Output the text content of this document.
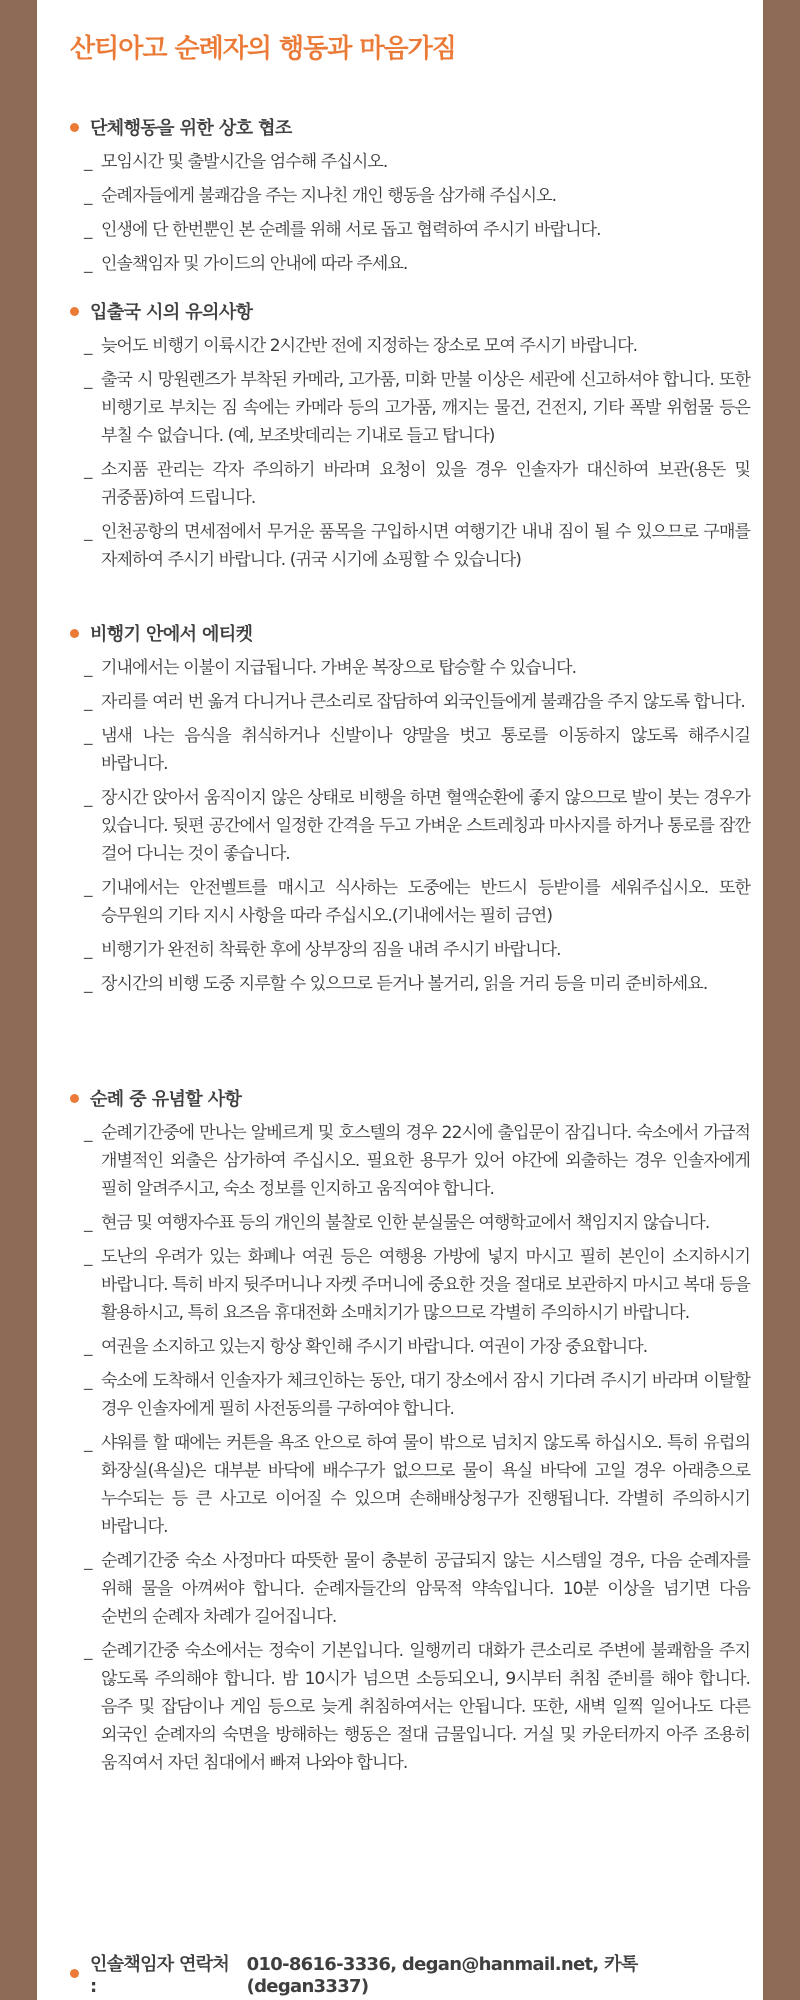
산티아고 순례자의 행동과 마음가짐
단체행동을 위한 상호 협조
_ 모임시간 및 출발시간을 엄수해 주십시오.
_ 순례자들에게 불쾌감을 주는 지나친 개인 행동을 삼가해 주십시오.
_ 인생에 단 한번뿐인 본 순례를 위해 서로 돕고 협력하여 주시기 바랍니다.
_ 인솔책임자 및 가이드의 안내에 따라 주세요.
입출국 시의 유의사항
_ 늦어도 비행기 이륙시간 2시간반 전에 지정하는 장소로 모여 주시기 바랍니다.
_ 출국 시 망원렌즈가 부착된 카메라, 고가품, 미화 만불 이상은 세관에 신고하셔야 합니다. 또한 비행기로 부치는 짐 속에는 카메라 등의 고가품, 깨지는 물건, 건전지, 기타 폭발 위험물 등은 부칠 수 없습니다. (예, 보조밧데리는 기내로 들고 탑니다)
_ 소지품 관리는 각자 주의하기 바라며 요청이 있을 경우 인솔자가 대신하여 보관(용돈 및 귀중품)하여 드립니다.
_ 인천공항의 면세점에서 무거운 품목을 구입하시면 여행기간 내내 짐이 될 수 있으므로 구매를 자제하여 주시기 바랍니다. (귀국 시기에 쇼핑할 수 있습니다)
비행기 안에서 에티켓
_ 기내에서는 이불이 지급됩니다. 가벼운 복장으로 탑승할 수 있습니다.
_ 자리를 여러 번 옮겨 다니거나 큰소리로 잡담하여 외국인들에게 불쾌감을 주지 않도록 합니다.
_ 냄새 나는 음식을 취식하거나 신발이나 양말을 벗고 통로를 이동하지 않도록 해주시길 바랍니다.
_ 장시간 앉아서 움직이지 않은 상태로 비행을 하면 혈액순환에 좋지 않으므로 발이 붓는 경우가 있습니다. 뒷편 공간에서 일정한 간격을 두고 가벼운 스트레칭과 마사지를 하거나 통로를 잠깐 걸어 다니는 것이 좋습니다.
_ 기내에서는 안전벨트를 매시고 식사하는 도중에는 반드시 등받이를 세워주십시오. 또한 승무원의 기타 지시 사항을 따라 주십시오.(기내에서는 필히 금연)
_ 비행기가 완전히 착륙한 후에 상부장의 짐을 내려 주시기 바랍니다.
_ 장시간의 비행 도중 지루할 수 있으므로 듣거나 볼거리, 읽을 거리 등을 미리 준비하세요.
순례 중 유념할 사항
_ 순례기간중에 만나는 알베르게 및 호스텔의 경우 22시에 출입문이 잠깁니다. 숙소에서 가급적 개별적인 외출은 삼가하여 주십시오. 필요한 용무가 있어 야간에 외출하는 경우 인솔자에게 필히 알려주시고, 숙소 정보를 인지하고 움직여야 합니다.
_ 현금 및 여행자수표 등의 개인의 불찰로 인한 분실물은 여행학교에서 책임지지 않습니다.
_ 도난의 우려가 있는 화폐나 여권 등은 여행용 가방에 넣지 마시고 필히 본인이 소지하시기 바랍니다. 특히 바지 뒷주머니나 자켓 주머니에 중요한 것을 절대로 보관하지 마시고 복대 등을 활용하시고, 특히 요즈음 휴대전화 소매치기가 많으므로 각별히 주의하시기 바랍니다.
_ 여권을 소지하고 있는지 항상 확인해 주시기 바랍니다. 여권이 가장 중요합니다.
_ 숙소에 도착해서 인솔자가 체크인하는 동안, 대기 장소에서 잠시 기다려 주시기 바라며 이탈할 경우 인솔자에게 필히 사전동의를 구하여야 합니다.
_ 샤워를 할 때에는 커튼을 욕조 안으로 하여 물이 밖으로 넘치지 않도록 하십시오. 특히 유럽의 화장실(욕실)은 대부분 바닥에 배수구가 없으므로 물이 욕실 바닥에 고일 경우 아래층으로 누수되는 등 큰 사고로 이어질 수 있으며 손해배상청구가 진행됩니다. 각별히 주의하시기 바랍니다.
_ 순례기간중 숙소 사정마다 따뜻한 물이 충분히 공급되지 않는 시스템일 경우, 다음 순례자를 위해 물을 아껴써야 합니다. 순례자들간의 암묵적 약속입니다. 10분 이상을 넘기면 다음 순번의 순례자 차례가 길어집니다.
_ 순례기간중 숙소에서는 정숙이 기본입니다. 일행끼리 대화가 큰소리로 주변에 불쾌함을 주지 않도록 주의해야 합니다. 밤 10시가 넘으면 소등되오니, 9시부터 취침 준비를 해야 합니다. 음주 및 잡담이나 게임 등으로 늦게 취침하여서는 안됩니다. 또한, 새벽 일찍 일어나도 다른 외국인 순례자의 숙면을 방해하는 행동은 절대 금물입니다. 거실 및 카운터까지 아주 조용히 움직여서 자던 침대에서 빠져 나와야 합니다.
인솔책임자 연락처 :
010-8616-3336, degan@hanmail.net, 카톡 (degan3337)
